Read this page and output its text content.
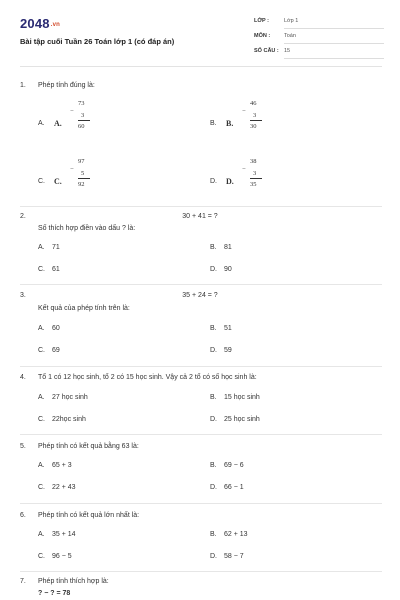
2048.vn
Bài tập cuối Tuần 26 Toán lớp 1 (có đáp án)
LỚP :	Lớp 1
MÔN :	Toán
SỐ CÂU : 15
1. Phép tính đúng là:
A. A.
73
−
3
60	B. B.
46
−
3
30
C. C.
97
−
5
92	D. D.
38
−
3
35
2.	30 + 41 = ?
Số thích hợp điền vào dấu ? là:
A. 71	B. 81
C. 61	D. 90
3.	35 + 24 = ?
Kết quả của phép tính trên là:
A. 60	B. 51
C. 69	D. 59
4. Tổ 1 có 12 học sinh, tổ 2 có 15 học sinh. Vậy cả 2 tổ có số học sinh là:
A. 27 học sinh	B. 15 học sinh
C. 22học sinh	D. 25 học sinh
5. Phép tính có kết quả bằng 63 là:
A. 65 + 3	B. 69 − 6
C. 22 + 43	D. 66 − 1
6. Phép tính có kết quả lớn nhất là:
A. 35 + 14	B. 62 + 13
C. 96 − 5	D. 58 − 7
7. Phép tính thích hợp là:
? − ? = 78
